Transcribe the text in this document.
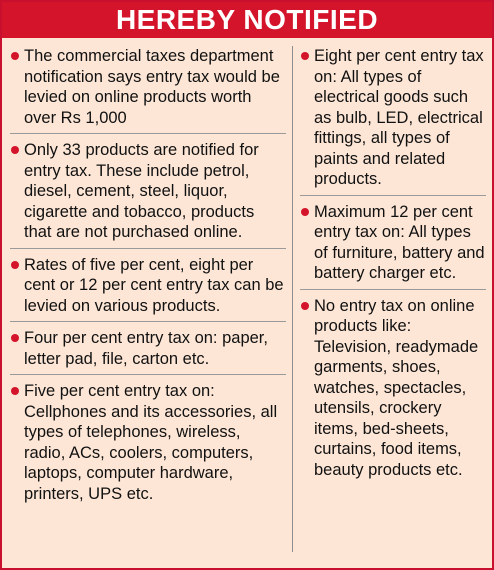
HEREBY NOTIFIED
The commercial taxes department notification says entry tax would be levied on online products worth over Rs 1,000
Only 33 products are notified for entry tax. These include petrol, diesel, cement, steel, liquor, cigarette and tobacco, products that are not purchased online.
Rates of five per cent, eight per cent or 12 per cent entry tax can be levied on various products.
Four per cent entry tax on: paper, letter pad, file, carton etc.
Five per cent entry tax on: Cellphones and its accessories, all types of telephones, wireless, radio, ACs, coolers, computers, laptops, computer hardware, printers, UPS etc.
Eight per cent entry tax on: All types of electrical goods such as bulb, LED, electrical fittings, all types of paints and related products.
Maximum 12 per cent entry tax on: All types of furniture, battery and battery charger etc.
No entry tax on online products like: Television, readymade garments, shoes, watches, spectacles, utensils, crockery items, bed-sheets, curtains, food items, beauty products etc.
